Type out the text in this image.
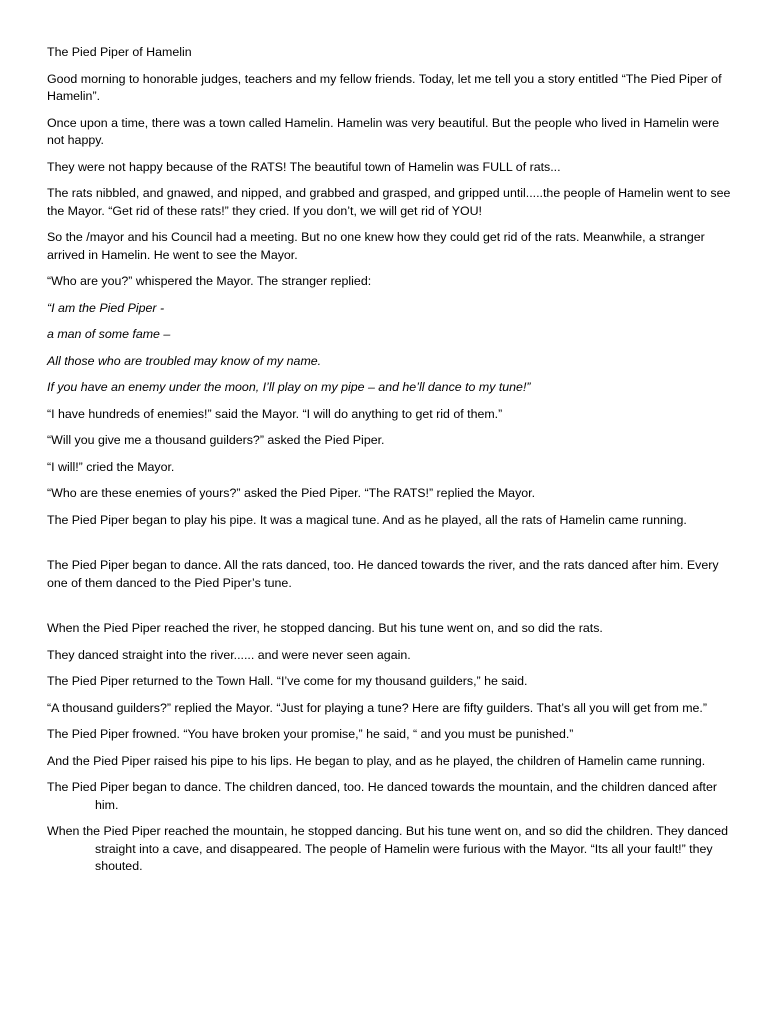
The Pied Piper of Hamelin

Good morning to honorable judges, teachers and my fellow friends. Today, let me tell you a story entitled “The Pied Piper of Hamelin”.

Once upon a time, there was a town called Hamelin. Hamelin was very beautiful. But the people who lived in Hamelin were not happy.

They were not happy because of the RATS! The beautiful town of Hamelin was FULL of rats...

The rats nibbled, and gnawed, and nipped, and grabbed and grasped, and gripped until.....the people of Hamelin went to see the Mayor. “Get rid of these rats!” they cried. If you don’t, we will get rid of YOU!

So the /mayor and his Council had a meeting. But no one knew how they could get rid of the rats. Meanwhile, a stranger arrived in Hamelin. He went to see the Mayor.

“Who are you?” whispered the Mayor. The stranger replied:

“I am the Pied Piper -

a man of some fame –

All those who are troubled may know of my name.

If you have an enemy under the moon, I’ll play on my pipe – and he’ll dance to my tune!”

“I have hundreds of enemies!” said the Mayor. “I will do anything to get rid of them.”

“Will you give me a thousand guilders?” asked the Pied Piper.

“I will!” cried the Mayor.

“Who are these enemies of yours?” asked the Pied Piper. “The RATS!” replied the Mayor.

The Pied Piper began to play his pipe. It was a magical tune. And as he played, all the rats of Hamelin came running.

The Pied Piper began to dance. All the rats danced, too. He danced towards the river, and the rats danced after him. Every one of them danced to the Pied Piper’s tune.

When the Pied Piper reached the river, he stopped dancing. But his tune went on, and so did the rats.

They danced straight into the river...... and were never seen again.

The Pied Piper returned to the Town Hall. “I’ve come for my thousand guilders,” he said.

“A thousand guilders?” replied the Mayor. “Just for playing a tune? Here are fifty guilders. That’s all you will get from me.”

The Pied Piper frowned. “You have broken your promise,” he said, “ and you must be punished.”

And the Pied Piper raised his pipe to his lips. He began to play, and as he played, the children of Hamelin came running.

The Pied Piper began to dance. The children danced, too. He danced towards the mountain, and the children danced after him.

When the Pied Piper reached the mountain, he stopped dancing. But his tune went on, and so did the children. They danced straight into a cave, and disappeared. The people of Hamelin were furious with the Mayor. “Its all your fault!” they shouted.
